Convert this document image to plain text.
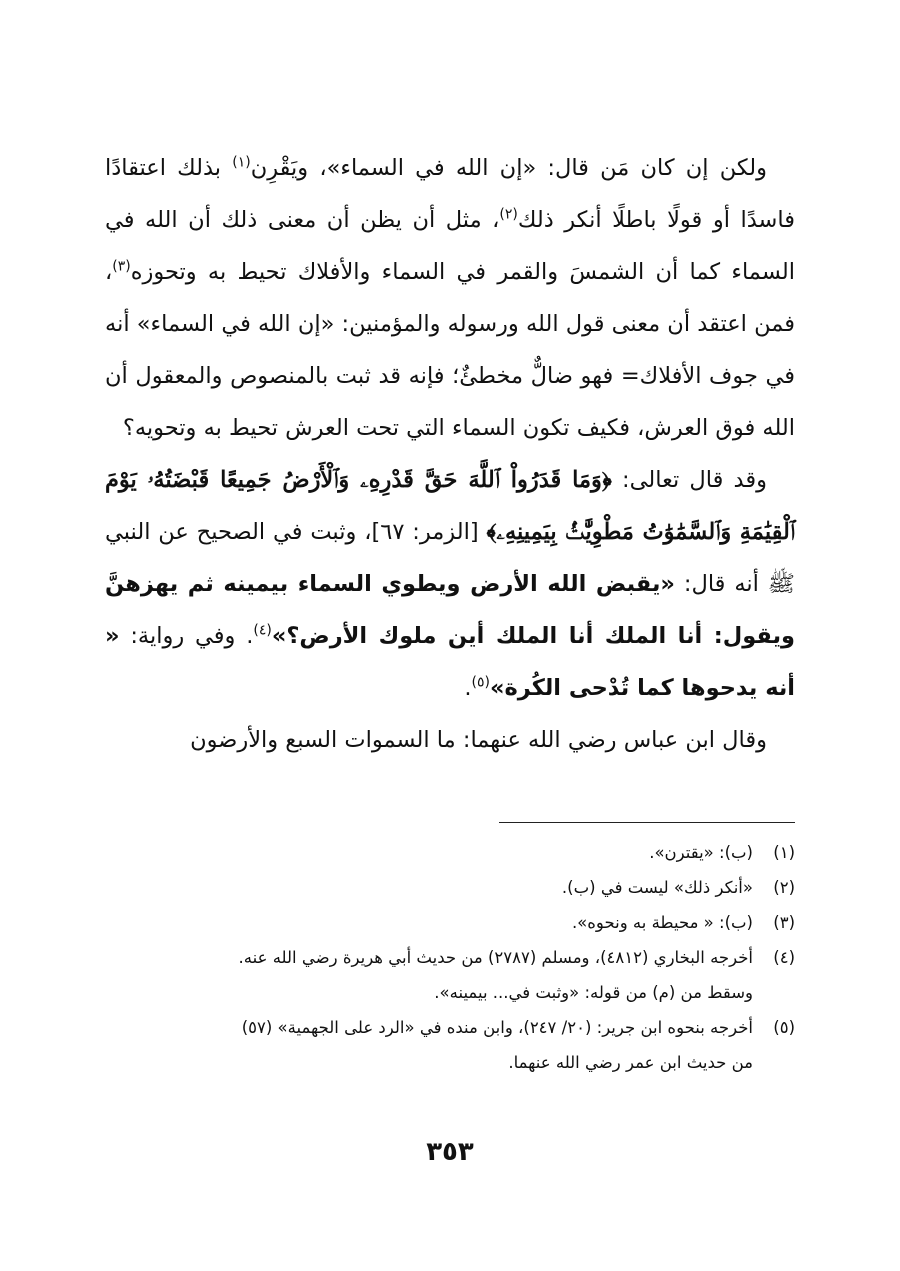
ولكن إن كان مَن قال: «إن الله في السماء»، ويَقْرِن$^{(١)}$ بذلك اعتقادًا فاسدًا أو قولًا باطلًا أنكر ذلك$^{(٢)}$، مثل أن يظن أن معنى ذلك أن الله في السماء كما أن الشمسَ والقمر في السماء والأفلاك تحيط به وتحوزه$^{(٣)}$، فمن اعتقد أن معنى قول الله ورسوله والمؤمنين: «إن الله في السماء» أنه في جوف الأفلاك= فهو ضالٌّ مخطئٌ؛ فإنه قد ثبت بالمنصوص والمعقول أن الله فوق العرش، فكيف تكون السماء التي تحت العرش تحيط به وتحويه؟

وقد قال تعالى: ﴿وَمَا قَدَرُواْ ٱللَّهَ حَقَّ قَدْرِهِۦ وَٱلْأَرْضُ جَمِيعًا قَبْضَتُهُۥ يَوْمَ ٱلْقِيَٰمَةِ وَٱلسَّمَٰوَٰتُ مَطْوِيَّٰتُۢ بِيَمِينِهِۦ﴾ [الزمر: ٦٧]، وثبت في الصحيح عن النبي ﷺ أنه قال: «يقبض الله الأرض ويطوي السماء بيمينه ثم يهزهنَّ ويقول: أنا الملك أنا الملك أين ملوك الأرض؟»$^{(٤)}$. وفي رواية: « أنه يدحوها كما تُدْحى الكُرة»$^{(٥)}$.

وقال ابن عباس رضي الله عنهما: ما السموات السبع والأرضون

(١)
(ب): «يقترن».
(٢)
«أنكر ذلك» ليست في (ب).
(٣)
(ب): « محيطة به ونحوه».
(٤)
أخرجه البخاري (٤٨١٢)، ومسلم (٢٧٨٧) من حديث أبي هريرة رضي الله عنه.
وسقط من (م) من قوله: «وثبت في... بيمينه».
(٥)
أخرجه بنحوه ابن جرير: (٢٠/ ٢٤٧)، وابن منده في «الرد على الجهمية» (٥٧)
من حديث ابن عمر رضي الله عنهما.
٣٥٣
